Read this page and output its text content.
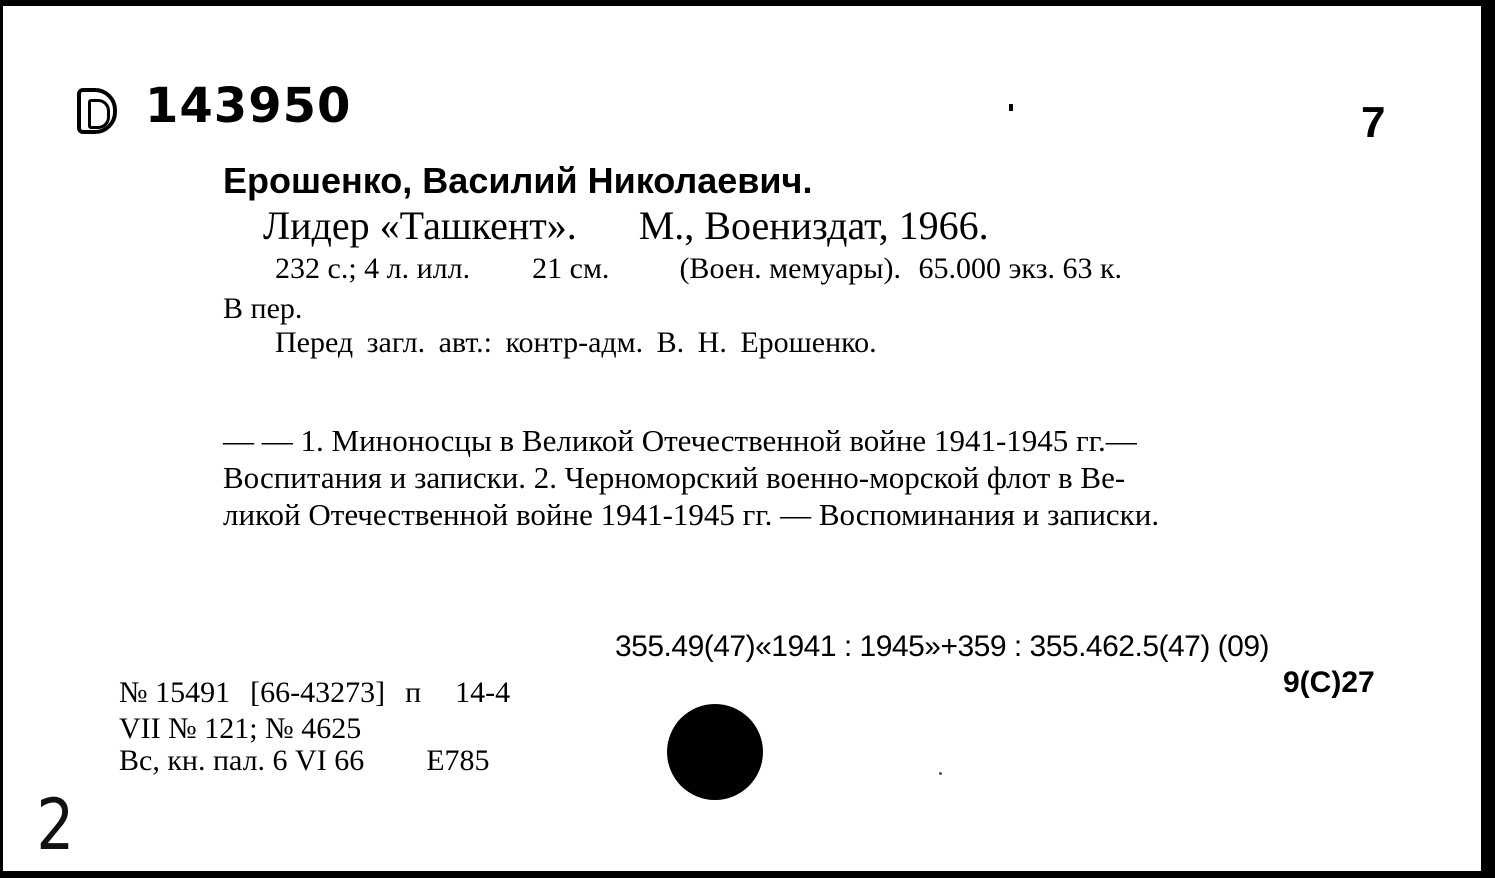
143950	7
Ерошенко, Василий Николаевич.
Лидер «Ташкент». М., Воениздат, 1966.
232 с.; 4 л. илл. 21 см. (Воен. мемуары). 65.000 экз. 63 к.
В пер.
Перед загл. авт.: контр-адм. В. Н. Ерошенко.
— — 1. Миноносцы в Великой Отечественной войне 1941-1945 гг.—
Воспитания и записки. 2. Черноморский военно-морской флот в Ве-
ликой Отечественной войне 1941-1945 гг. — Воспоминания и записки.
355.49(47)«1941 : 1945»+359 : 355.462.5(47) (09)
9(С)27
№ 15491 [66-43273] п 14-4
VII № 121; № 4625
Вс, кн. пал. 6 VI 66 Е785
2
